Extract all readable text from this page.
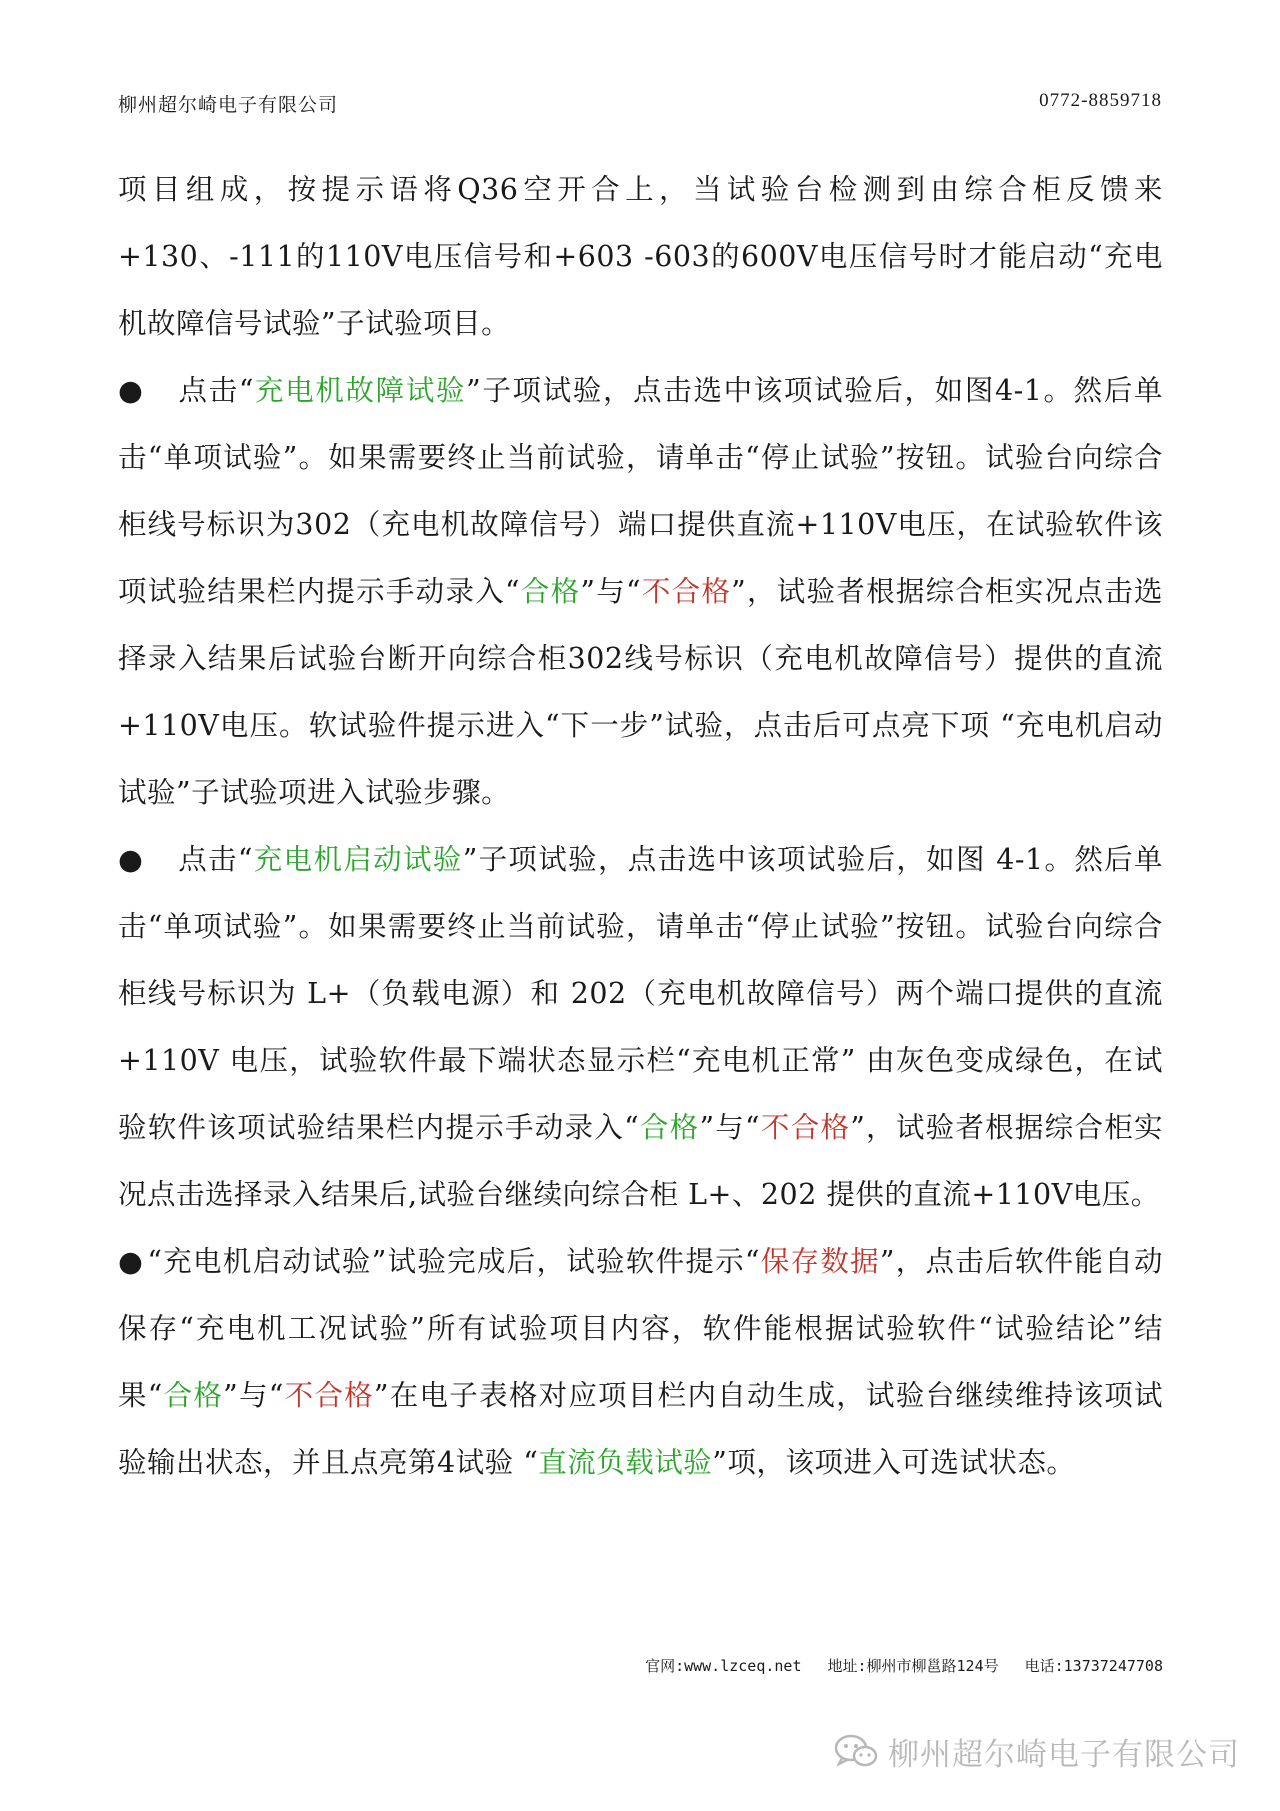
柳州超尔崎电子有限公司	0772-8859718

项目组成，按提示语将Q36空开合上，当试验台检测到由综合柜反馈来+130、-111的110V电压信号和+603 -603的600V电压信号时才能启动“充电机故障信号试验”子试验项目。

● 点击“充电机故障试验”子项试验，点击选中该项试验后，如图4-1。然后单击“单项试验”。如果需要终止当前试验，请单击“停止试验”按钮。试验台向综合柜线号标识为302（充电机故障信号）端口提供直流+110V电压，在试验软件该项试验结果栏内提示手动录入“合格”与“不合格”，试验者根据综合柜实况点击选择录入结果后试验台断开向综合柜302线号标识（充电机故障信号）提供的直流+110V电压。软试验件提示进入“下一步”试验，点击后可点亮下项 “充电机启动试验”子试验项进入试验步骤。

● 点击“充电机启动试验”子项试验，点击选中该项试验后，如图 4-1。然后单击“单项试验”。如果需要终止当前试验，请单击“停止试验”按钮。试验台向综合柜线号标识为 L+（负载电源）和 202（充电机故障信号）两个端口提供的直流+110V 电压，试验软件最下端状态显示栏“充电机正常” 由灰色变成绿色，在试验软件该项试验结果栏内提示手动录入“合格”与“不合格”，试验者根据综合柜实况点击选择录入结果后,试验台继续向综合柜 L+、202 提供的直流+110V电压。

● “充电机启动试验”试验完成后，试验软件提示“保存数据”，点击后软件能自动保存“充电机工况试验”所有试验项目内容，软件能根据试验软件“试验结论”结果“合格”与“不合格”在电子表格对应项目栏内自动生成，试验台继续维持该项试验输出状态，并且点亮第4试验 “直流负载试验”项，该项进入可选试状态。

官网:www.lzceq.net 地址:柳州市柳邕路124号 电话:13737247708
柳州超尔崎电子有限公司
